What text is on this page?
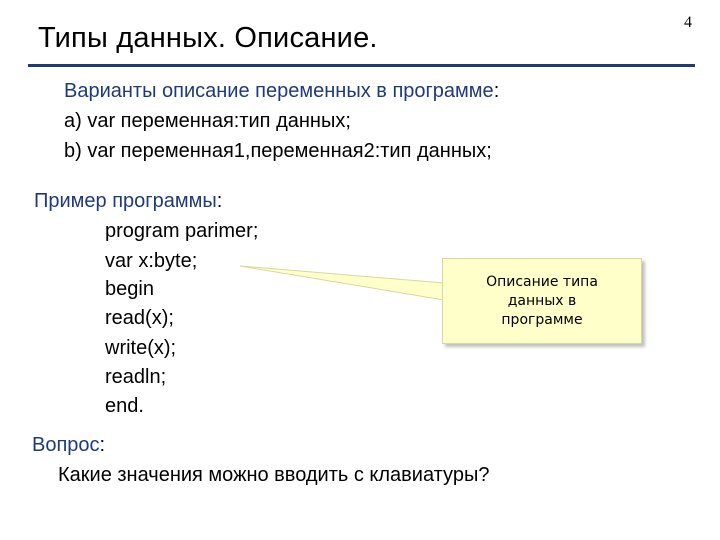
4
Типы данных. Описание.
Варианты описание переменных в программе:
а) var переменная:тип данных;
b) var переменная1,переменная2:тип данных;
Пример программы:
program parimer;
var x:byte;
begin
read(x);
write(x);
readln;
end.
Описание типа данных в программе
Вопрос:
Какие значения можно вводить с клавиатуры?
